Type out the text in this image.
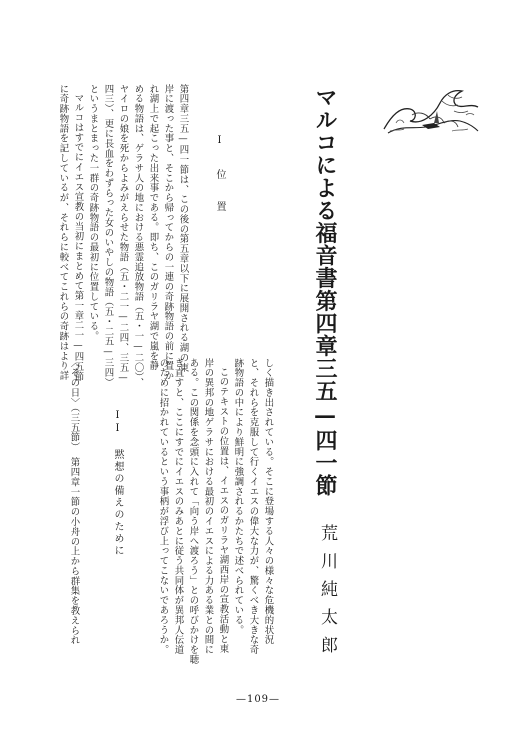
マルコによる福音書第四章三五—四一節
荒川純太郎
しく描き出されている。そこに登場する人々の様々な危機的状況
と、それらを克服して行くイエスの偉大な力が、驚くべき大きな奇
跡物語の中により鮮明に強調されるかたちで述べられている。
このテキストの位置は、イエスのガリラヤ湖西岸の宣教活動と東
岸の異邦の地ゲラサにおける最初のイエスによる力ある業との間に
ある。この関係を念頭に入れて「向う岸へ渡ろう」との呼びかけを聴
き直すと、ここにすでにイエスのみあとに従う共同体が異邦人伝道
のために招かれているという事柄が浮び上ってこないであろうか。
II 黙想の備えのために
〈その日〉（三五節）　第四章一節の小舟の上から群集を教えられ
I 位　置
第四章三五—四一節は、この後の第五章以下に展開される湖の東
岸に渡った事と、そこから帰ってからの一連の奇跡物語の前に置か
れ湖上で起こった出来事である。即ち、このガリラヤ湖で嵐を静
める物語は、ゲラサ人の地における悪霊追放物語（五・一—二〇）、
ヤイロの娘を死からよみがえらせた物語（五・二一—二四、三五—
四三）、更に長血をわずらった女のいやしの物語（五・二五—三四）
というまとまった一群の奇跡物語の最初に位置している。
マルコはすでにイエス宣教の当初にまとめて第一章二一—四五節
に奇跡物語を記しているが、それらに較べてこれらの奇跡はより詳
—109—
